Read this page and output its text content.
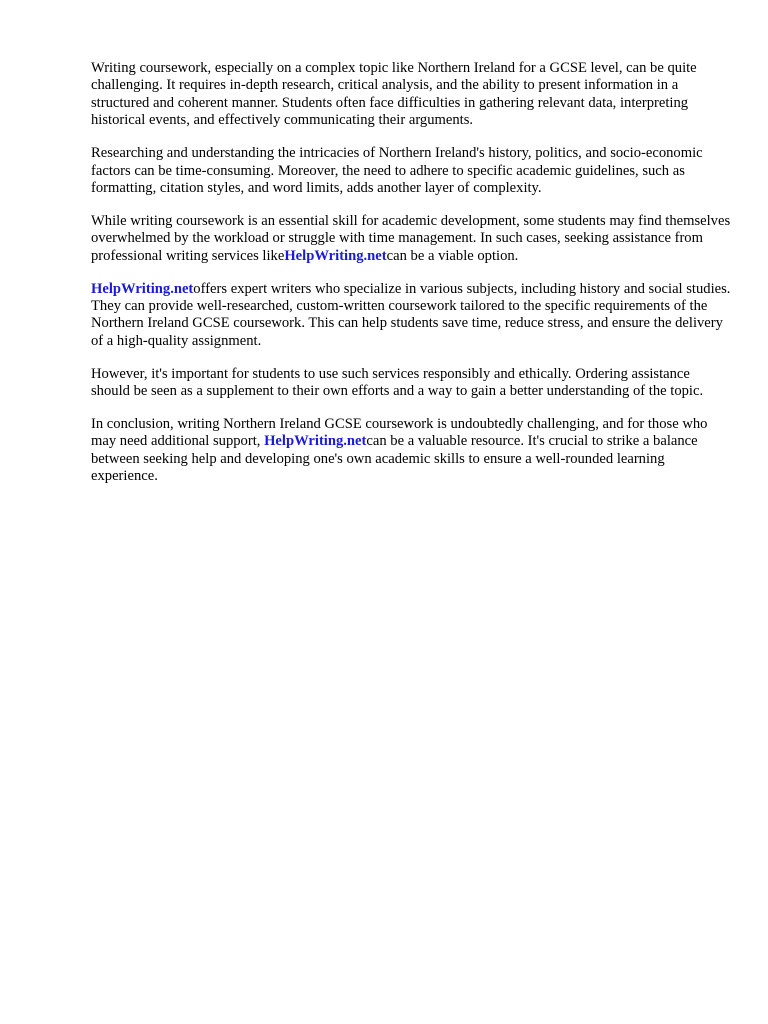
Writing coursework, especially on a complex topic like Northern Ireland for a GCSE level, can be quite challenging. It requires in-depth research, critical analysis, and the ability to present information in a structured and coherent manner. Students often face difficulties in gathering relevant data, interpreting historical events, and effectively communicating their arguments.

Researching and understanding the intricacies of Northern Ireland's history, politics, and socio-economic factors can be time-consuming. Moreover, the need to adhere to specific academic guidelines, such as formatting, citation styles, and word limits, adds another layer of complexity.

While writing coursework is an essential skill for academic development, some students may find themselves overwhelmed by the workload or struggle with time management. In such cases, seeking assistance from professional writing services likeHelpWriting.netcan be a viable option.

HelpWriting.netoffers expert writers who specialize in various subjects, including history and social studies. They can provide well-researched, custom-written coursework tailored to the specific requirements of the Northern Ireland GCSE coursework. This can help students save time, reduce stress, and ensure the delivery of a high-quality assignment.

However, it's important for students to use such services responsibly and ethically. Ordering assistance should be seen as a supplement to their own efforts and a way to gain a better understanding of the topic.

In conclusion, writing Northern Ireland GCSE coursework is undoubtedly challenging, and for those who may need additional support, HelpWriting.netcan be a valuable resource. It's crucial to strike a balance between seeking help and developing one's own academic skills to ensure a well-rounded learning experience.
